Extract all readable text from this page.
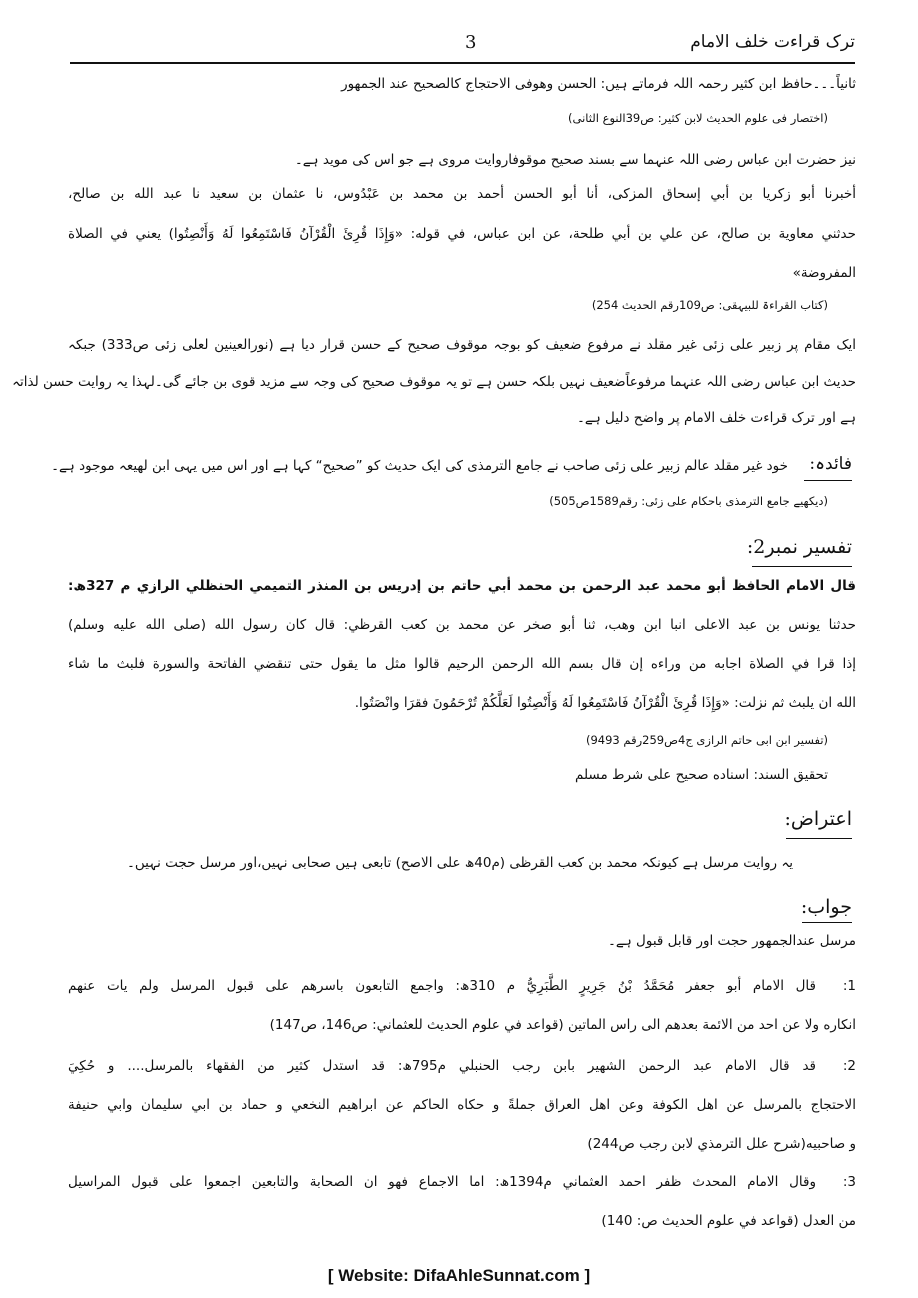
3	ترک قراءت خلف الامام
ثانیاً۔۔۔حافظ ابن کثیر رحمہ اللہ فرماتے ہیں: الحسن وھوفی الاحتجاج کالصحیح عند الجمھور
(اختصار فی علوم الحدیث لابن کثیر: ص39النوع الثانی)
نیز حضرت ابن عباس رضی اللہ عنہما سے بسند صحیح موقوفاروایت مروی ہے جو اس کی موید ہے۔
أخبرنا أبو زكريا بن أبي إسحاق المزكى، أنا أبو الحسن أحمد بن محمد بن عَبْدُوس، نا عثمان بن سعيد نا عبد الله بن صالح،
حدثني معاوية بن صالح، عن علي بن أبي طلحة، عن ابن عباس، في قوله: «وَإِذَا قُرِئَ الْقُرْآنُ فَاسْتَمِعُوا لَهُ وَأَنْصِتُوا) يعني في الصلاة
المفروضة»
(کتاب القراءۃ للبیہقی: ص109رقم الحدیث 254)
ایک مقام پر زبیر علی زئی غیر مقلد نے مرفوع ضعیف کو بوجہ موقوف صحیح کے حسن قرار دیا ہے (نورالعینین لعلی زئی ص333) جبکہ
حدیث ابن عباس رضی اللہ عنہما مرفوعاًضعیف نہیں بلکہ حسن ہے تو یہ موقوف صحیح کی وجہ سے مزید قوی بن جائے گی۔لہذا یہ روایت حسن لذاتہ
ہے اور ترک قراءت خلف الامام پر واضح دلیل ہے۔
فائدہ:
خود غیر مقلد عالم زبیر علی زئی صاحب نے جامع الترمذی کی ایک حدیث کو ”صحیح“ کہا ہے اور اس میں یہی ابن لھیعہ موجود ہے۔
(دیکھیے جامع الترمذی باحکام علی زئی: رقم1589ص505)
تفسیر نمبر2:
قال الامام الحافظ أبو محمد عبد الرحمن بن محمد أبي حاتم بن إدريس بن المنذر التميمي الحنظلي الرازي م 327ھ:
حدثنا يونس بن عبد الاعلى انبا ابن وهب، ثنا أبو صخر عن محمد بن كعب القرظي: قال كان رسول الله (صلى الله عليه وسلم)
إذا قرا في الصلاة اجابه من وراءه إن قال بسم الله الرحمن الرحيم قالوا مثل ما يقول حتى تنقضي الفاتحة والسورة فلبث ما شاء
الله ان يلبث ثم نزلت: «وَإِذَا قُرِئَ الْقُرْآنُ فَاسْتَمِعُوا لَهُ وَأَنْصِتُوا لَعَلَّكُمْ تُرْحَمُونَ فقرَا وانْصَتُوا.
(تفسیر ابن ابی حاتم الرازی ج4ص259رقم 9493)
تحقيق السند: اسناده صحيح على شرط مسلم
اعتراض:
یہ روایت مرسل ہے کیونکہ محمد بن کعب القرظی (م40ھ علی الاصح) تابعی ہیں صحابی نہیں،اور مرسل حجت نہیں۔
جواب:
مرسل عندالجمھور حجت اور قابل قبول ہے۔
1:
قال الامام أبو جعفر مُحَمَّدُ بْنُ جَرِيرٍ الطَّبَرِيُّ م 310ھ: واجمع التابعون باسرهم على قبول المرسل ولم يات عنهم
انكاره ولا عن احد من الائمة بعدهم الى راس الماتين (قواعد في علوم الحديث للعثماني: ص146، ص147)
2:
قد قال الامام عبد الرحمن الشهير بابن رجب الحنبلي م795ھ: قد استدل كثير من الفقهاء بالمرسل.... و حُكِيَ
الاحتجاج بالمرسل عن اهل الكوفة وعن اهل العراق جملةً و حكاه الحاكم عن ابراهيم النخعي و حماد بن ابي سليمان وابي حنيفة
و صاحبيه(شرح علل الترمذي لابن رجب ص244)
3:
وقال الامام المحدث ظفر احمد العثماني م1394ھ: اما الاجماع فهو ان الصحابة والتابعين اجمعوا على قبول المراسيل
من العدل (قواعد في علوم الحديث ص: 140)
[ Website: DifaAhleSunnat.com ]
